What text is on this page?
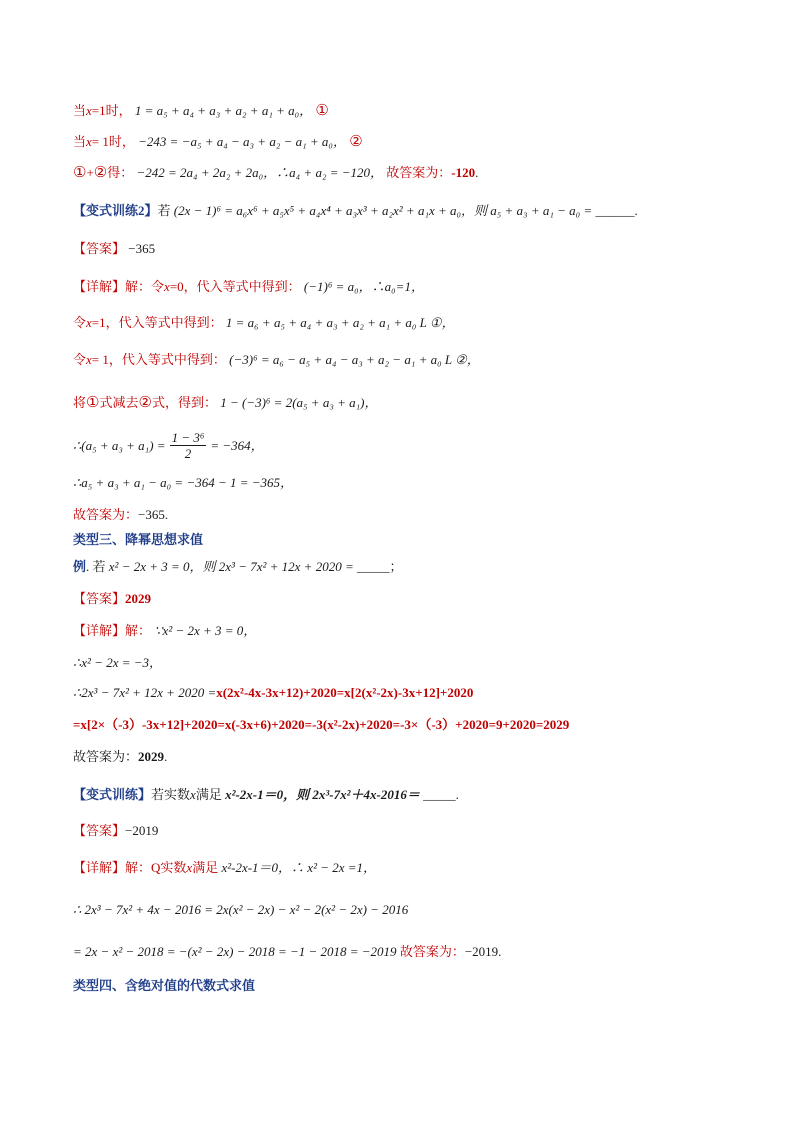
当x=1时， 1 = a₅ + a₄ + a₃ + a₂ + a₁ + a₀， ①
当x= 1时， −243 = −a₅ + a₄ − a₃ + a₂ − a₁ + a₀， ②
①+②得： −242 = 2a₄ + 2a₂ + 2a₀，∴a₄ + a₂ = −120， 故答案为：-120.
【变式训练2】若 (2x − 1)⁶ = a₆x⁶ + a₅x⁵ + a₄x⁴ + a₃x³ + a₂x² + a₁x + a₀，则 a₅ + a₃ + a₁ − a₀ = ______.
【答案】 −365
【详解】解：令x=0，代入等式中得到： (−1)⁶ = a₀，∴a₀=1，
令x=1，代入等式中得到： 1 = a₆ + a₅ + a₄ + a₃ + a₂ + a₁ + a₀ L ①，
令x= 1，代入等式中得到： (−3)⁶ = a₆ − a₅ + a₄ − a₃ + a₂ − a₁ + a₀ L ②，
将①式减去②式，得到： 1 − (−3)⁶ = 2(a₅ + a₃ + a₁)，
∴(a₅ + $a_3 + a_1) = \frac{\text{1 − 3⁶}}{2} = -364$，
∴a₅ + a₃ + a₁ − a₀ = −364 − 1 = −365，
故答案为：−365.
类型三、降幂思想求值
例. 若 x² − 2x + 3 = 0，则 2x³ − 7x² + 12x + 2020 = _____；
【答案】2029
【详解】解： ∵x² − 2x + 3 = 0，
∴x² − 2x = −3，
∴2x³ − 7x² + 12x + 2020 =x(2x²-4x-3x+12)+2020=x[2(x²-2x)-3x+12]+2020
=x[2×（-3）-3x+12]+2020=x(-3x+6)+2020=-3(x²-2x)+2020=-3×（-3）+2020=9+2020=2029
故答案为：2029.
【变式训练】若实数x满足 x²-2x-1＝0，则 2x³-7x²＋4x-2016＝ _____.
【答案】−2019
【详解】解：Q实数x满足 x²-2x-1＝0，∴ x² − 2x =1，
∴ 2x³ − 7x² + 4x − 2016 = 2x(x² − 2x) − x² − 2(x² − 2x) − 2016
= 2x − x² − 2018 = −(x² − 2x) − 2018 = −1 − 2018 = −2019 故答案为：−2019.
类型四、含绝对值的代数式求值
